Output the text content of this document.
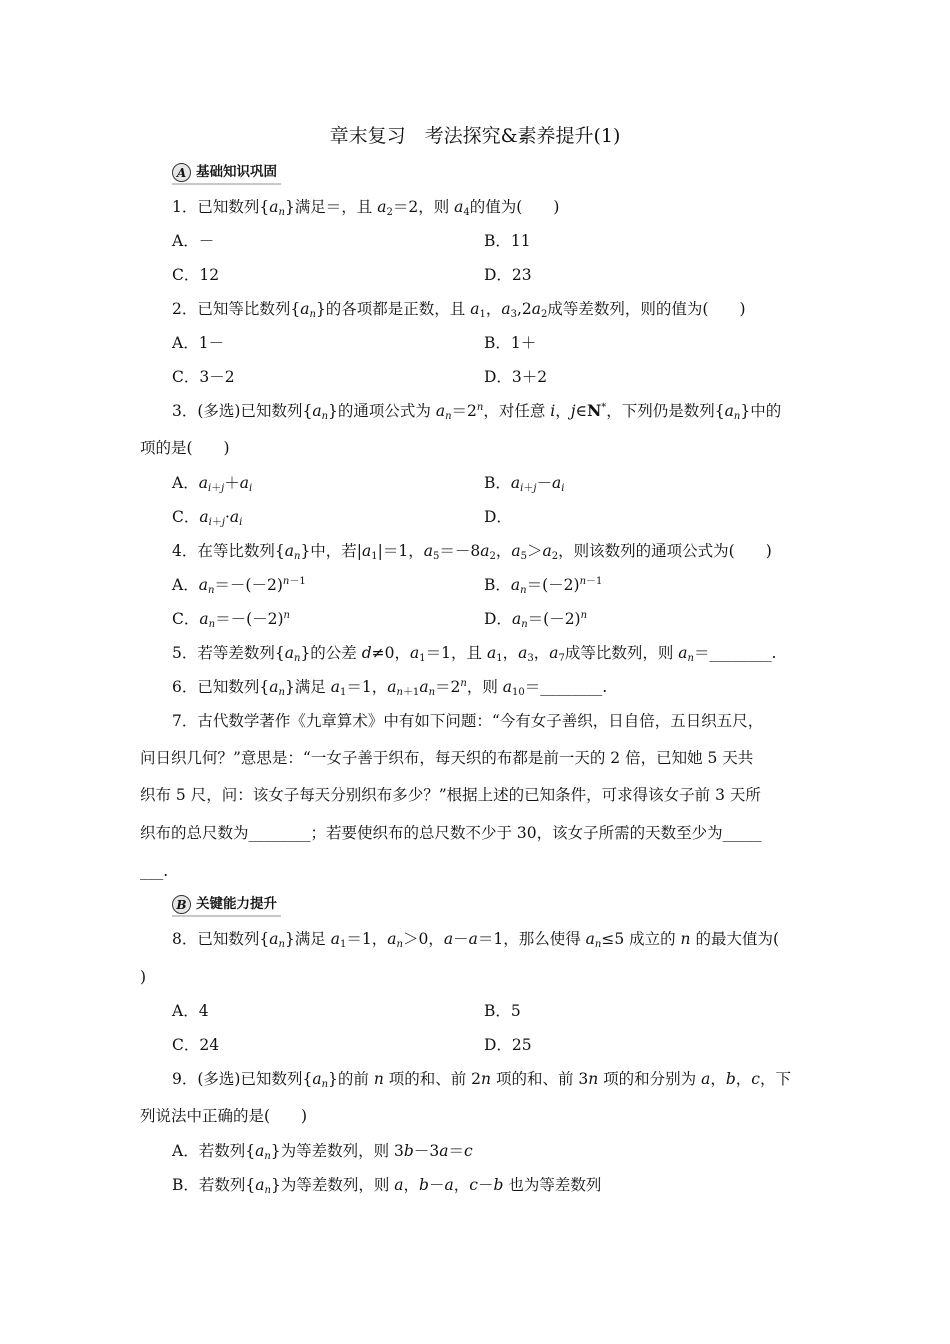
章末复习　考法探究&素养提升(1)
A 基础知识巩固
B 关键能力提升
1．已知数列$\{a_n\}$满足＝，且 $a_2=2$，则 $a_4$的值为(　　)
A．－	B．11
C．12	D．23
2．已知等比数列$\{a_n\}$的各项都是正数，且 $a_1$，$a_3,2a_2$成等差数列，则的值为(　　)
A．1－	B．1＋
C．3－2	D．3＋2
3．(多选)已知数列$\{a_n\}$的通项公式为 $a_n=2^n$，对任意 i，j∈N*，下列仍是数列$\{a_n\}$中的
项的是(　　)
A．$a_{i+j}+a_i$	B．$a_{i+j}-a_i$
C．$a_{i+j}\cdot a_i$	D．
4．在等比数列$\{a_n\}$中，若$|a_1|=1$，$a_5=-8a_2$，$a_5>a_2$，则该数列的通项公式为(　　)
A．$a_n=-(-2)^{n-1}$	B．$a_n=(-2)^{n-1}$
C．$a_n=-(-2)^n$	D．$a_n=(-2)^n$
5．若等差数列$\{a_n\}$的公差 d≠0，$a_1=1$，且 $a_1$，$a_3$，$a_7$成等比数列，则 $a_n=\_\_\_\_\_\_\_\_$.
6．已知数列$\{a_n\}$满足 $a_1=1$，$a_{n+1}a_n=2^n$，则 $a_{10}=\_\_\_\_\_\_\_\_$.
7．古代数学著作《九章算术》中有如下问题：“今有女子善织，日自倍，五日织五尺，
问日织几何？”意思是：“一女子善于织布，每天织的布都是前一天的 2 倍，已知她 5 天共
织布 5 尺，问：该女子每天分别织布多少？”根据上述的已知条件，可求得该女子前 3 天所
织布的总尺数为________；若要使织布的总尺数不少于 30，该女子所需的天数至少为_____
___.
8．已知数列$\{a_n\}$满足 $a_1=1$，$a_n>0$，a－a＝1，那么使得 $a_n\le 5$ 成立的 n 的最大值为(
)
A．4	B．5
C．24	D．25
9．(多选)已知数列$\{a_n\}$的前 n 项的和、前 2n 项的和、前 3n 项的和分别为 a，b，c，下
列说法中正确的是(　　)
A．若数列$\{a_n\}$为等差数列，则 3b－3a＝c
B．若数列$\{a_n\}$为等差数列，则 a，b－a，c－b 也为等差数列
